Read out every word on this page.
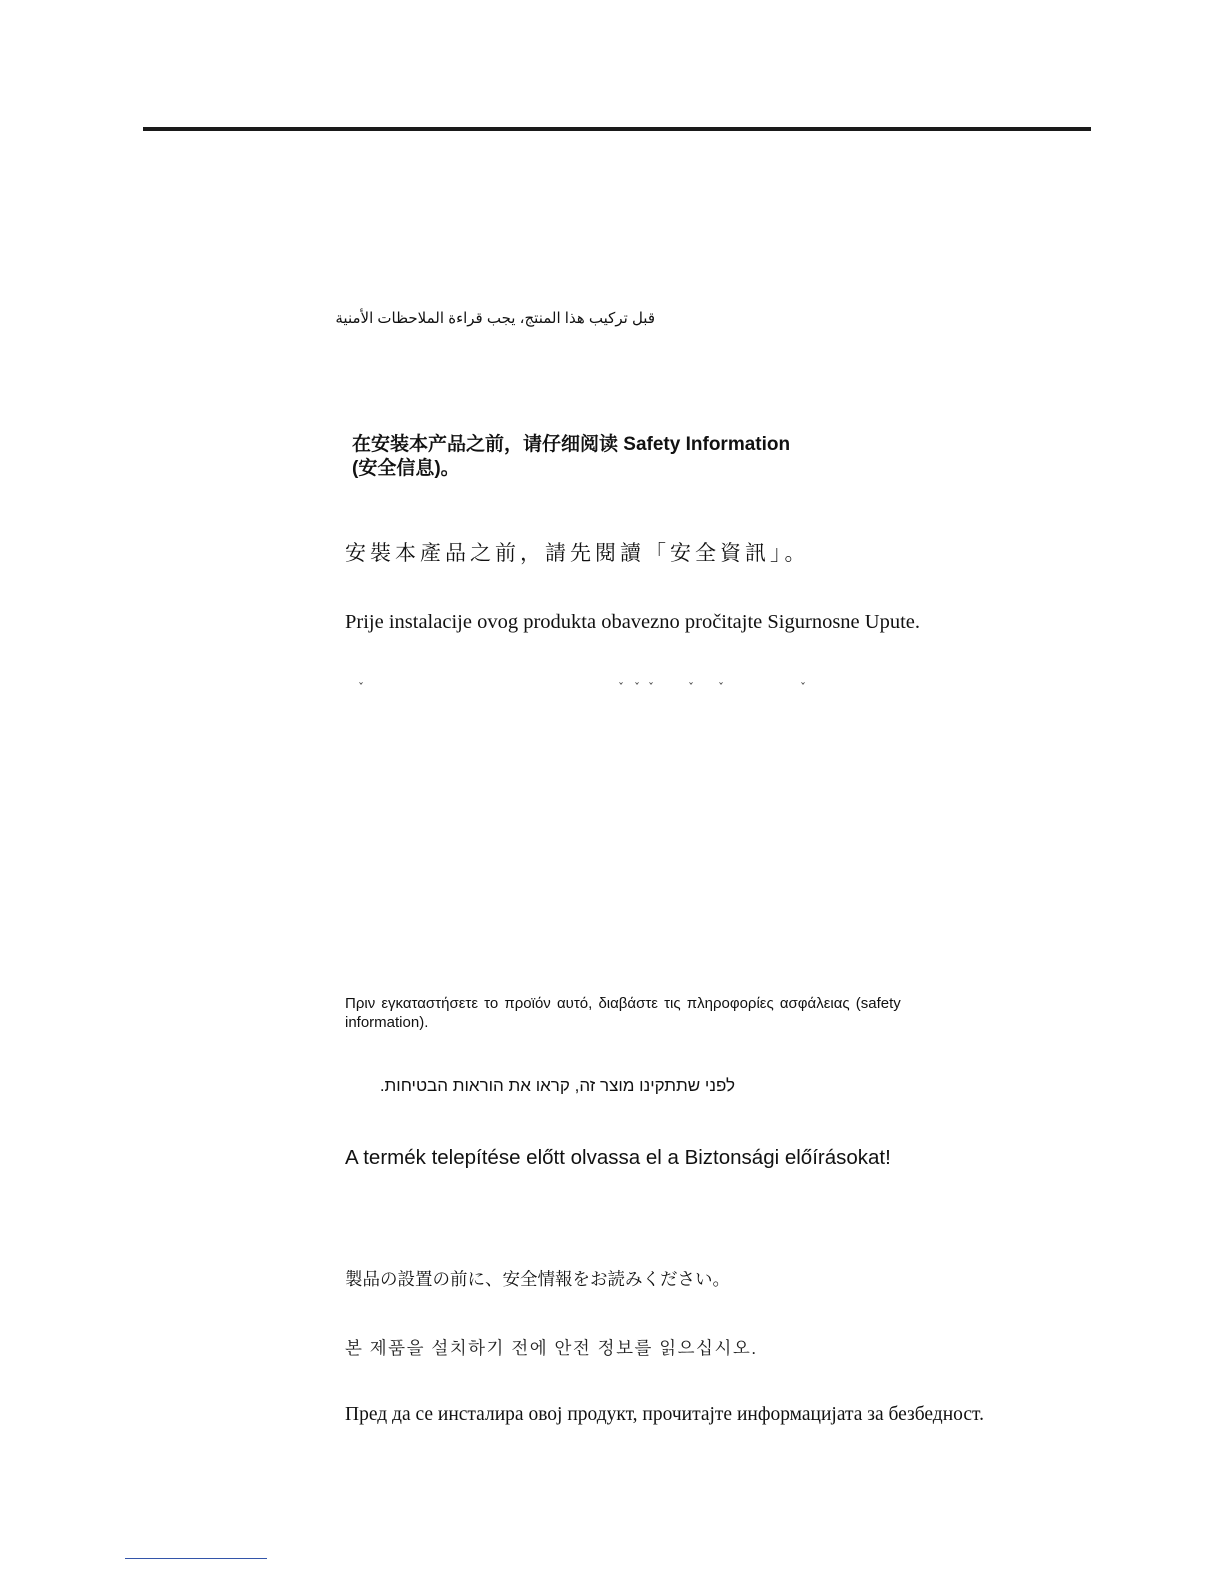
قبل تركيب هذا المنتج، يجب قراءة الملاحظات الأمنية

在安装本产品之前，请仔细阅读 Safety Information
(安全信息)。

安裝本產品之前，請先閱讀「安全資訊」。

Prije instalacije ovog produkta obavezno pročitajte Sigurnosne Upute.

ˇ	ˇ ˇ ˇ	ˇ ˇ	ˇ

Πριν εγκαταστήσετε το προϊόν αυτό, διαβάστε τις πληροφορίες ασφάλειας (safety information).

לפני שתתקינו מוצר זה, קראו את הוראות הבטיחות.

A termék telepítése előtt olvassa el a Biztonsági előírásokat!

製品の設置の前に、安全情報をお読みください。

본 제품을 설치하기 전에 안전 정보를 읽으십시오.

Пред да се инсталира овој продукт, прочитајте информацијата за безбедност.
